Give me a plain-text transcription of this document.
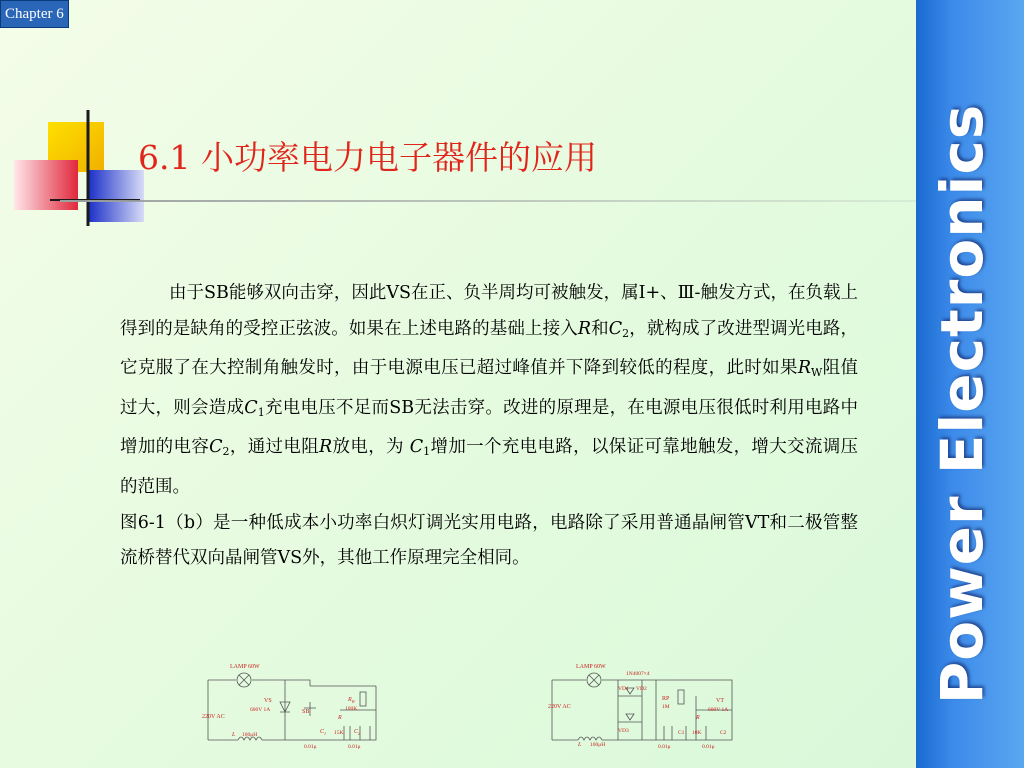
Chapter 6
6.1 小功率电力电子器件的应用

由于SB能够双向击穿，因此VS在正、负半周均可被触发，属Ⅰ+、Ⅲ-触发方式，在负载上得到的是缺角的受控正弦波。如果在上述电路的基础上接入R和$C_2$，就构成了改进型调光电路，它克服了在大控制角触发时，由于电源电压已超过峰值并下降到较低的程度，此时如果$R_W$阻值过大，则会造成$C_1$充电电压不足而SB无法击穿。改进的原理是，在电源电压很低时利用电路中增加的电容$C_2$，通过电阻R放电，为 $C_1$增加一个充电电路，以保证可靠地触发，增大交流调压的范围。

图6-1（b）是一种低成本小功率白炽灯调光实用电路，电路除了采用普通晶闸管VT和二极管整流桥替代双向晶闸管VS外，其他工作原理完全相同。

LAMP 60W
VS
600V 1A	SB
$R_W$
100K
R
220V AC
$C_1$ 15K $C_2$
L 100μH
0.01μ	0.01μ
LAMP 60W
1N4007×4
VD1 VD2
RP
1M
VT
600V 1A
220V AC
VD3
R
C1 10K	C2
L 100μH	0.01μ	0.01μ
Power Electronics
